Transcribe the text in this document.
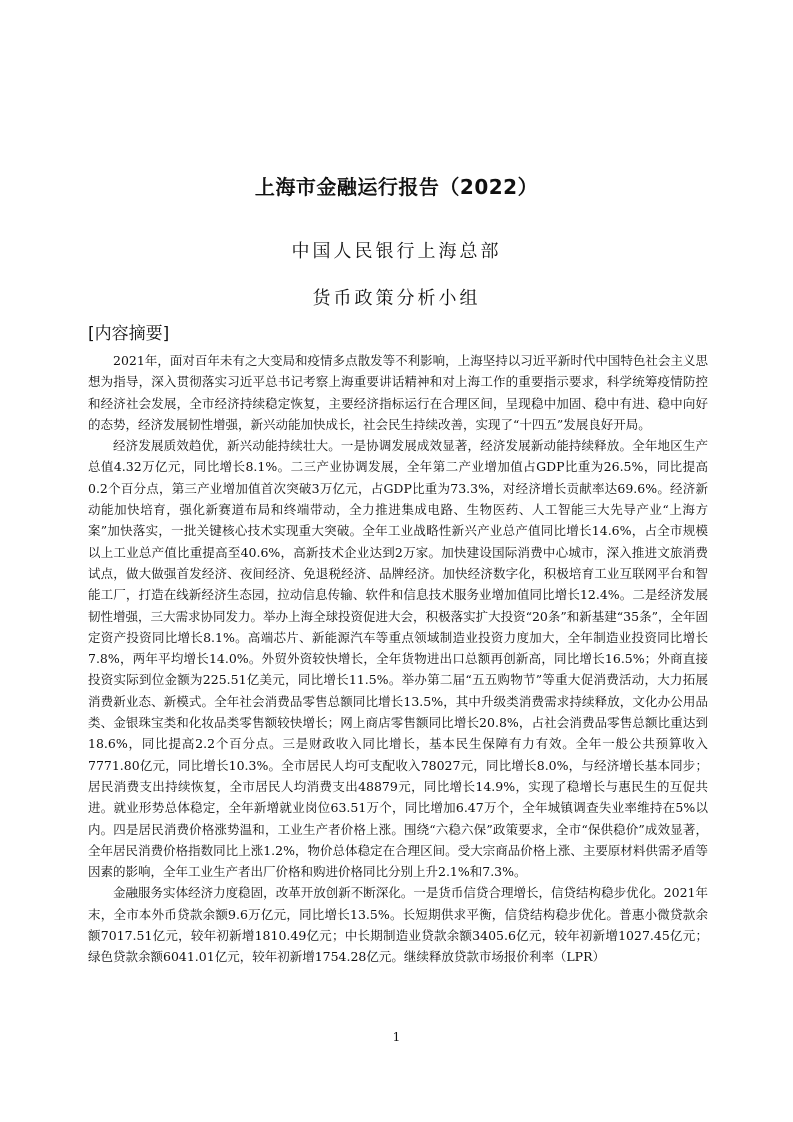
上海市金融运行报告（2022）
中国人民银行上海总部
货币政策分析小组
[内容摘要]

2021年，面对百年未有之大变局和疫情多点散发等不利影响，上海坚持以习近平新时代中国特色社会主义思想为指导，深入贯彻落实习近平总书记考察上海重要讲话精神和对上海工作的重要指示要求，科学统筹疫情防控和经济社会发展，全市经济持续稳定恢复，主要经济指标运行在合理区间，呈现稳中加固、稳中有进、稳中向好的态势，经济发展韧性增强，新兴动能加快成长，社会民生持续改善，实现了“十四五”发展良好开局。

经济发展质效趋优，新兴动能持续壮大。一是协调发展成效显著，经济发展新动能持续释放。全年地区生产总值4.32万亿元，同比增长8.1%。二三产业协调发展，全年第二产业增加值占GDP比重为26.5%，同比提高0.2个百分点，第三产业增加值首次突破3万亿元，占GDP比重为73.3%，对经济增长贡献率达69.6%。经济新动能加快培育，强化新赛道布局和终端带动，全力推进集成电路、生物医药、人工智能三大先导产业“上海方案”加快落实，一批关键核心技术实现重大突破。全年工业战略性新兴产业总产值同比增长14.6%，占全市规模以上工业总产值比重提高至40.6%，高新技术企业达到2万家。加快建设国际消费中心城市，深入推进文旅消费试点，做大做强首发经济、夜间经济、免退税经济、品牌经济。加快经济数字化，积极培育工业互联网平台和智能工厂，打造在线新经济生态园，拉动信息传输、软件和信息技术服务业增加值同比增长12.4%。二是经济发展韧性增强，三大需求协同发力。举办上海全球投资促进大会，积极落实扩大投资“20条”和新基建“35条”，全年固定资产投资同比增长8.1%。高端芯片、新能源汽车等重点领域制造业投资力度加大，全年制造业投资同比增长7.8%，两年平均增长14.0%。外贸外资较快增长，全年货物进出口总额再创新高，同比增长16.5%；外商直接投资实际到位金额为225.51亿美元，同比增长11.5%。举办第二届“五五购物节”等重大促消费活动，大力拓展消费新业态、新模式。全年社会消费品零售总额同比增长13.5%，其中升级类消费需求持续释放，文化办公用品类、金银珠宝类和化妆品类零售额较快增长；网上商店零售额同比增长20.8%，占社会消费品零售总额比重达到18.6%，同比提高2.2个百分点。三是财政收入同比增长，基本民生保障有力有效。全年一般公共预算收入7771.80亿元，同比增长10.3%。全市居民人均可支配收入78027元，同比增长8.0%，与经济增长基本同步；居民消费支出持续恢复，全市居民人均消费支出48879元，同比增长14.9%，实现了稳增长与惠民生的互促共进。就业形势总体稳定，全年新增就业岗位63.51万个，同比增加6.47万个，全年城镇调查失业率维持在5%以内。四是居民消费价格涨势温和，工业生产者价格上涨。围绕“六稳六保”政策要求，全市“保供稳价”成效显著，全年居民消费价格指数同比上涨1.2%，物价总体稳定在合理区间。受大宗商品价格上涨、主要原材料供需矛盾等因素的影响，全年工业生产者出厂价格和购进价格同比分别上升2.1%和7.3%。

金融服务实体经济力度稳固，改革开放创新不断深化。一是货币信贷合理增长，信贷结构稳步优化。2021年末，全市本外币贷款余额9.6万亿元，同比增长13.5%。长短期供求平衡，信贷结构稳步优化。普惠小微贷款余额7017.51亿元，较年初新增1810.49亿元；中长期制造业贷款余额3405.6亿元，较年初新增1027.45亿元；绿色贷款余额6041.01亿元，较年初新增1754.28亿元。继续释放贷款市场报价利率（LPR）

1
